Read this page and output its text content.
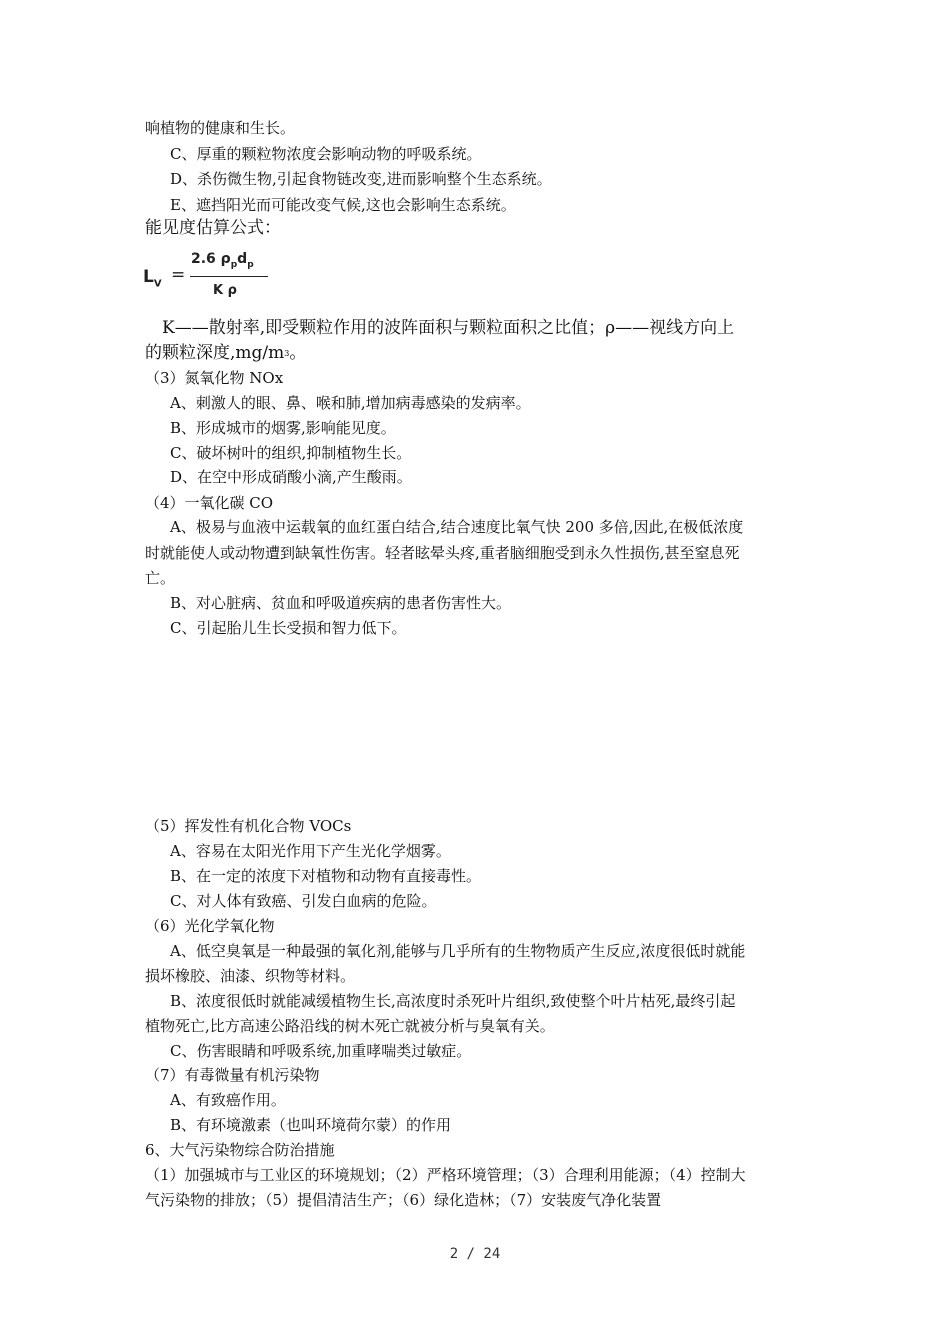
响植物的健康和生长。
C、厚重的颗粒物浓度会影响动物的呼吸系统。
D、杀伤微生物,引起食物链改变,进而影响整个生态系统。
E、遮挡阳光而可能改变气候,这也会影响生态系统。
能见度估算公式：
$L_V$ =
2.6 $\rho_pd_p$
K ρ
K——散射率,即受颗粒作用的波阵面积与颗粒面积之比值；ρ——视线方向上
的颗粒深度$,mg/m^3$。
（3）氮氧化物 NOx
A、刺激人的眼、鼻、喉和肺,增加病毒感染的发病率。
B、形成城市的烟雾,影响能见度。
C、破坏树叶的组织,抑制植物生长。
D、在空中形成硝酸小滴,产生酸雨。
（4）一氧化碳 CO
A、极易与血液中运载氧的血红蛋白结合,结合速度比氧气快 200 多倍,因此,在极低浓度
时就能使人或动物遭到缺氧性伤害。轻者眩晕头疼,重者脑细胞受到永久性损伤,甚至窒息死
亡。
B、对心脏病、贫血和呼吸道疾病的患者伤害性大。
C、引起胎儿生长受损和智力低下。
（5）挥发性有机化合物 VOCs
A、容易在太阳光作用下产生光化学烟雾。
B、在一定的浓度下对植物和动物有直接毒性。
C、对人体有致癌、引发白血病的危险。
（6）光化学氧化物
A、低空臭氧是一种最强的氧化剂,能够与几乎所有的生物物质产生反应,浓度很低时就能
损坏橡胶、油漆、织物等材料。
B、浓度很低时就能减缓植物生长,高浓度时杀死叶片组织,致使整个叶片枯死,最终引起
植物死亡,比方高速公路沿线的树木死亡就被分析与臭氧有关。
C、伤害眼睛和呼吸系统,加重哮喘类过敏症。
（7）有毒微量有机污染物
A、有致癌作用。
B、有环境激素（也叫环境荷尔蒙）的作用
6、大气污染物综合防治措施
（1）加强城市与工业区的环境规划；（2）严格环境管理；（3）合理利用能源；（4）控制大
气污染物的排放；（5）提倡清洁生产；（6）绿化造林；（7）安装废气净化装置
2 / 24
